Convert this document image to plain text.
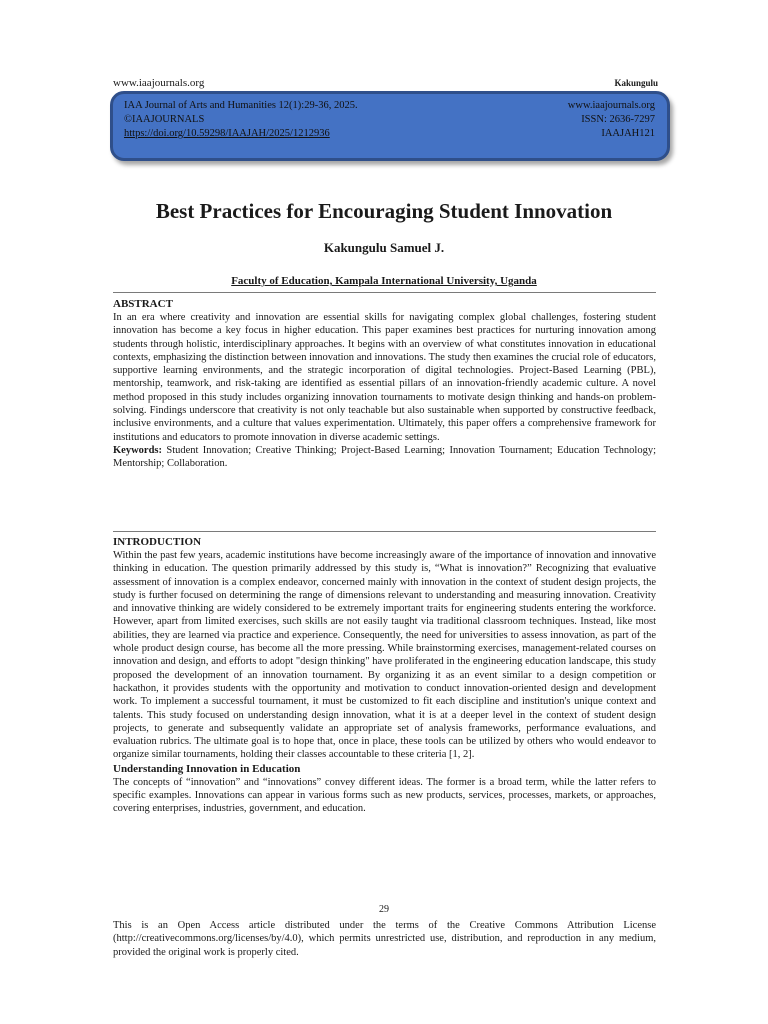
www.iaajournals.org	Kakungulu
IAA Journal of Arts and Humanities 12(1):29-36, 2025.
©IAAJOURNALS
https://doi.org/10.59298/IAAJAH/2025/1212936
www.iaajournals.org
ISSN: 2636-7297
IAAJAH121
Best Practices for Encouraging Student Innovation
Kakungulu Samuel J.
Faculty of Education, Kampala International University, Uganda

ABSTRACT

In an era where creativity and innovation are essential skills for navigating complex global challenges, fostering student innovation has become a key focus in higher education. This paper examines best practices for nurturing innovation among students through holistic, interdisciplinary approaches. It begins with an overview of what constitutes innovation in educational contexts, emphasizing the distinction between innovation and innovations. The study then examines the crucial role of educators, supportive learning environments, and the strategic incorporation of digital technologies. Project-Based Learning (PBL), mentorship, teamwork, and risk-taking are identified as essential pillars of an innovation-friendly academic culture. A novel method proposed in this study includes organizing innovation tournaments to motivate design thinking and hands-on problem-solving. Findings underscore that creativity is not only teachable but also sustainable when supported by constructive feedback, inclusive environments, and a culture that values experimentation. Ultimately, this paper offers a comprehensive framework for institutions and educators to promote innovation in diverse academic settings.

Keywords: Student Innovation; Creative Thinking; Project-Based Learning; Innovation Tournament; Education Technology; Mentorship; Collaboration.

INTRODUCTION

Within the past few years, academic institutions have become increasingly aware of the importance of innovation and innovative thinking in education. The question primarily addressed by this study is, “What is innovation?” Recognizing that evaluative assessment of innovation is a complex endeavor, concerned mainly with innovation in the context of student design projects, the study is further focused on determining the range of dimensions relevant to understanding and measuring innovation. Creativity and innovative thinking are widely considered to be extremely important traits for engineering students entering the workforce. However, apart from limited exercises, such skills are not easily taught via traditional classroom techniques. Instead, like most abilities, they are learned via practice and experience. Consequently, the need for universities to assess innovation, as part of the whole product design course, has become all the more pressing. While brainstorming exercises, management-related courses on innovation and design, and efforts to adopt "design thinking" have proliferated in the engineering education landscape, this study proposed the development of an innovation tournament. By organizing it as an event similar to a design competition or hackathon, it provides students with the opportunity and motivation to conduct innovation-oriented design and development work. To implement a successful tournament, it must be customized to fit each discipline and institution's unique context and talents. This study focused on understanding design innovation, what it is at a deeper level in the context of student design projects, to generate and subsequently validate an appropriate set of analysis frameworks, performance evaluations, and evaluation rubrics. The ultimate goal is to hope that, once in place, these tools can be utilized by others who would endeavor to organize similar tournaments, holding their classes accountable to these criteria [1, 2].

Understanding Innovation in Education

The concepts of “innovation” and “innovations” convey different ideas. The former is a broad term, while the latter refers to specific examples. Innovations can appear in various forms such as new products, services, processes, markets, or approaches, covering enterprises, industries, government, and education.

29
This is an Open Access article distributed under the terms of the Creative Commons Attribution License (http://creativecommons.org/licenses/by/4.0), which permits unrestricted use, distribution, and reproduction in any medium, provided the original work is properly cited.
